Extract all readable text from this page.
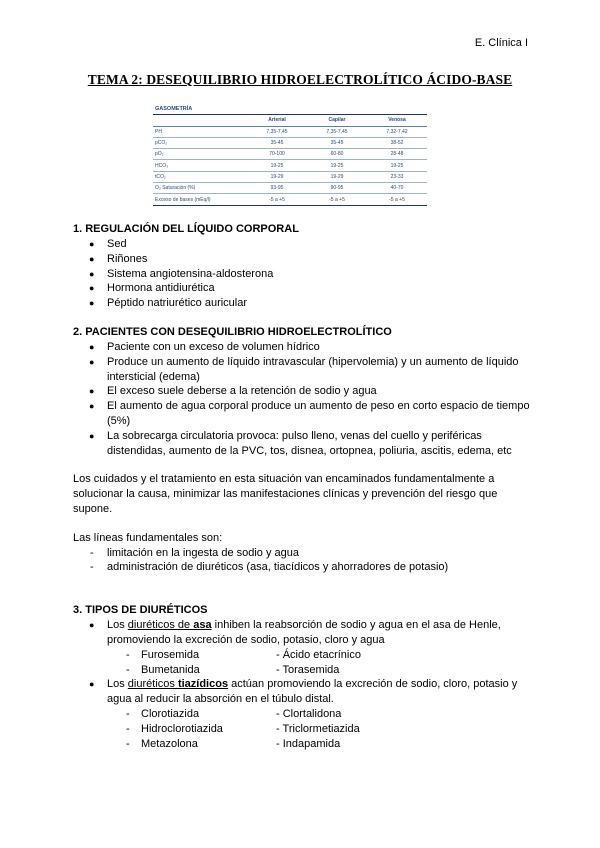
E. Clínica I
TEMA 2: DESEQUILIBRIO HIDROELECTROLÍTICO ÁCIDO-BASE
GASOMETRÍA			
	Arterial	Capilar	Venosa
PH	7,35-7,45	7,35-7,45	7,32-7,42
pCO₂	35-45	35-45	38-52
pO₂	70-100	60-80	28-48
HCO₃	19-25	19-25	19-25
tCO₂	19-29	19-29	23-33
O₂ Saturación (%)	93-95	90-95	40-70
Exceso de bases (mEq/l)	-5 a +5	-5 a +5	-5 a +5
1. REGULACIÓN DEL LÍQUIDO CORPORAL
● Sed
● Riñones
● Sistema angiotensina-aldosterona
● Hormona antidiurética
● Péptido natriurético auricular
2. PACIENTES CON DESEQUILIBRIO HIDROELECTROLÍTICO
● Paciente con un exceso de volumen hídrico
● Produce un aumento de líquido intravascular (hipervolemia) y un aumento de líquido intersticial (edema)
● El exceso suele deberse a la retención de sodio y agua
● El aumento de agua corporal produce un aumento de peso en corto espacio de tiempo (5%)
● La sobrecarga circulatoria provoca: pulso lleno, venas del cuello y periféricas distendidas, aumento de la PVC, tos, disnea, ortopnea, poliuria, ascitis, edema, etc

Los cuidados y el tratamiento en esta situación van encaminados fundamentalmente a solucionar la causa, minimizar las manifestaciones clínicas y prevención del riesgo que supone.

Las líneas fundamentales son:

- limitación en la ingesta de sodio y agua
- administración de diuréticos (asa, tiacídicos y ahorradores de potasio)
3. TIPOS DE DIURÉTICOS
● Los diuréticos de asa inhiben la reabsorción de sodio y agua en el asa de Henle, promoviendo la excreción de sodio, potasio, cloro y agua
- Furosemida	- Ácido etacrínico
- Bumetanida	- Torasemida
● Los diuréticos tiazídicos actúan promoviendo la excreción de sodio, cloro, potasio y agua al reducir la absorción en el túbulo distal.
- Clorotiazida	- Clortalidona
- Hidroclorotiazida	- Triclormetiazida
- Metazolona	- Indapamida
